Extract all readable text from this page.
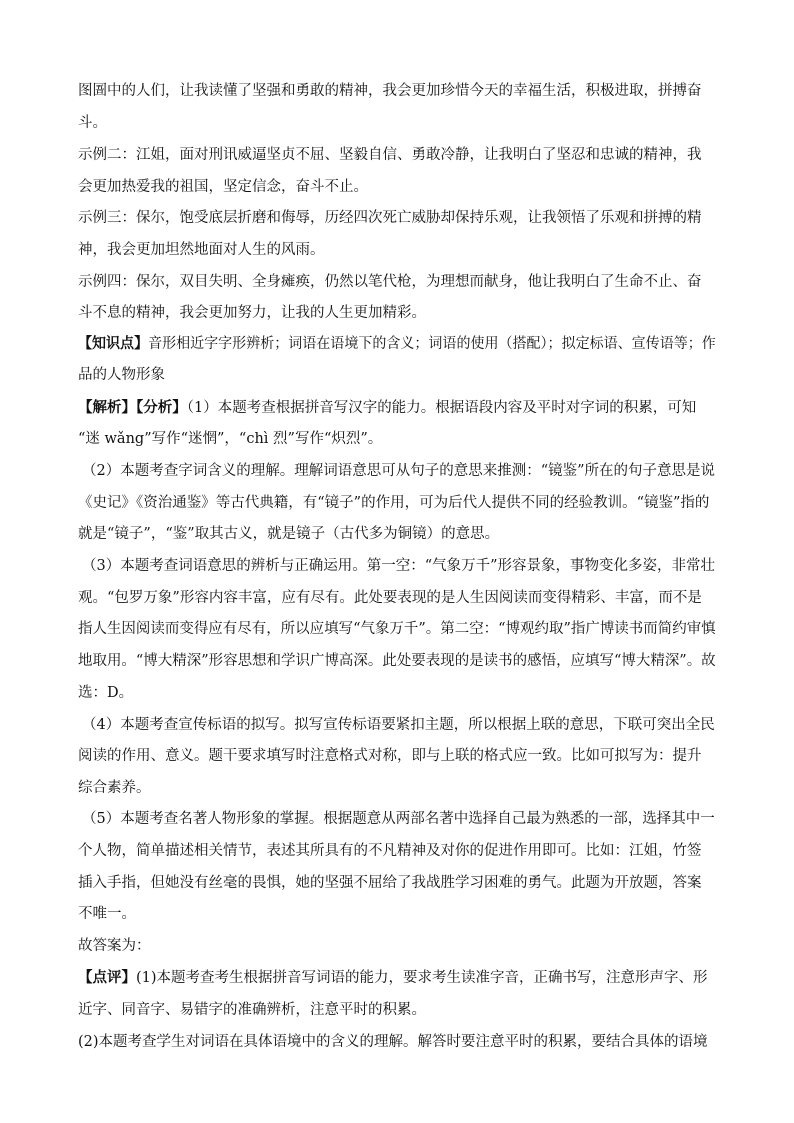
图圄中的人们，让我读懂了坚强和勇敢的精神，我会更加珍惜今天的幸福生活，积极进取，拼搏奋
斗。
示例二：江姐，面对刑讯威逼坚贞不屈、坚毅自信、勇敢冷静，让我明白了坚忍和忠诚的精神，我
会更加热爱我的祖国，坚定信念，奋斗不止。
示例三：保尔，饱受底层折磨和侮辱，历经四次死亡威胁却保持乐观，让我领悟了乐观和拼搏的精
神，我会更加坦然地面对人生的风雨。
示例四：保尔，双目失明、全身瘫痪，仍然以笔代枪，为理想而献身，他让我明白了生命不止、奋
斗不息的精神，我会更加努力，让我的人生更加精彩。
【知识点】音形相近字字形辨析；词语在语境下的含义；词语的使用（搭配）；拟定标语、宣传语等；作
品的人物形象
【解析】【分析】（1）本题考查根据拼音写汉字的能力。根据语段内容及平时对字词的积累，可知
“迷 wǎng”写作“迷惘”，“chì 烈”写作“炽烈”。
（2）本题考查字词含义的理解。理解词语意思可从句子的意思来推测：“镜鉴”所在的句子意思是说
《史记》《资治通鉴》等古代典籍，有“镜子”的作用，可为后代人提供不同的经验教训。“镜鉴”指的
就是“镜子”，“鉴”取其古义，就是镜子（古代多为铜镜）的意思。
（3）本题考查词语意思的辨析与正确运用。第一空：“气象万千”形容景象，事物变化多姿，非常壮
观。“包罗万象”形容内容丰富，应有尽有。此处要表现的是人生因阅读而变得精彩、丰富，而不是
指人生因阅读而变得应有尽有，所以应填写“气象万千”。第二空：“博观约取”指广博读书而简约审慎
地取用。“博大精深”形容思想和学识广博高深。此处要表现的是读书的感悟，应填写“博大精深”。故
选：D。
（4）本题考查宣传标语的拟写。拟写宣传标语要紧扣主题，所以根据上联的意思，下联可突出全民
阅读的作用、意义。题干要求填写时注意格式对称，即与上联的格式应一致。比如可拟写为：提升
综合素养。
（5）本题考查名著人物形象的掌握。根据题意从两部名著中选择自己最为熟悉的一部，选择其中一
个人物，简单描述相关情节，表述其所具有的不凡精神及对你的促进作用即可。比如：江姐，竹签
插入手指，但她没有丝毫的畏惧，她的坚强不屈给了我战胜学习困难的勇气。此题为开放题，答案
不唯一。
故答案为：
【点评】(1)本题考查考生根据拼音写词语的能力，要求考生读准字音，正确书写，注意形声字、形
近字、同音字、易错字的准确辨析，注意平时的积累。
(2)本题考查学生对词语在具体语境中的含义的理解。解答时要注意平时的积累，要结合具体的语境
